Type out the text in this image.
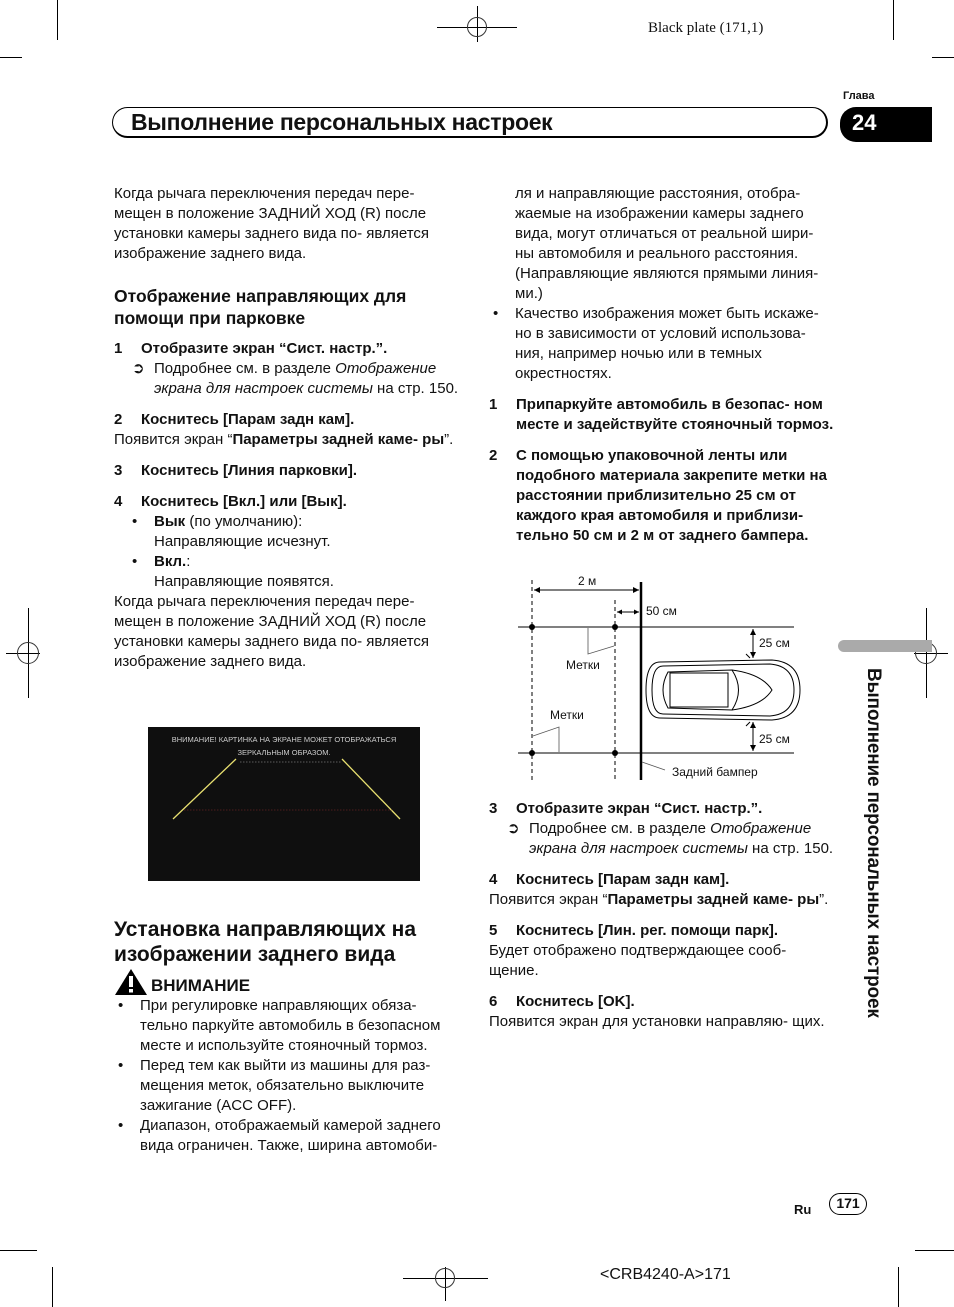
Black plate (171,1)
Глава
Выполнение персональных настроек	24

Когда рычага переключения передач пере- мещен в положение ЗАДНИЙ ХОД (R) после установки камеры заднего вида по- является изображение заднего вида.

Отображение направляющих для помощи при парковке

1	Отобразите экран “Сист. настр.”.
➲ Подробнее см. в разделе Отображение экрана для настроек системы на стр. 150.
2	Коснитесь [Парам задн кам].

Появится экран “Параметры задней каме- ры”.

3	Коснитесь [Линия парковки].
4	Коснитесь [Вкл.] или [Вык].
•	Вык (по умолчанию):
Направляющие исчезнут.
•	Вкл.:
Направляющие появятся.

Когда рычага переключения передач пере- мещен в положение ЗАДНИЙ ХОД (R) после установки камеры заднего вида по- является изображение заднего вида.

ВНИМАНИЕ! КАРТИНКА НА ЭКРАНЕ МОЖЕТ ОТОБРАЖАТЬСЯ
ЗЕРКАЛЬНЫМ ОБРАЗОМ.

Установка направляющих на изображении заднего вида

ВНИМАНИЕ
•	При регулировке направляющих обяза- тельно паркуйте автомобиль в безопасном месте и используйте стояночный тормоз.
•	Перед тем как выйти из машины для раз- мещения меток, обязательно выключите зажигание (ACC OFF).
•	Диапазон, отображаемый камерой заднего вида ограничен. Также, ширина автомоби-
ля и направляющие расстояния, отобра- жаемые на изображении камеры заднего вида, могут отличаться от реальной шири- ны автомобиля и реального расстояния. (Направляющие являются прямыми линия- ми.)
•	Качество изображения может быть искаже- но в зависимости от условий использова- ния, например ночью или в темных окрестностях.
1	Припаркуйте автомобиль в безопас- ном месте и задействуйте стояночный тормоз.
2	С помощью упаковочной ленты или подобного материала закрепите метки на расстоянии приблизительно 25 см от каждого края автомобиля и приблизи- тельно 50 см и 2 м от заднего бампера.
2 м
50 см
25 см
25 см
Метки
Метки
Задний бампер
3	Отобразите экран “Сист. настр.”.
➲ Подробнее см. в разделе Отображение экрана для настроек системы на стр. 150.
4	Коснитесь [Парам задн кам].

Появится экран “Параметры задней каме- ры”.

5	Коснитесь [Лин. рег. помощи парк].

Будет отображено подтверждающее сооб- щение.

6	Коснитесь [OK].

Появится экран для установки направляю- щих.

Выполнение персональных настроек
Ru	171
<CRB4240-A>171
